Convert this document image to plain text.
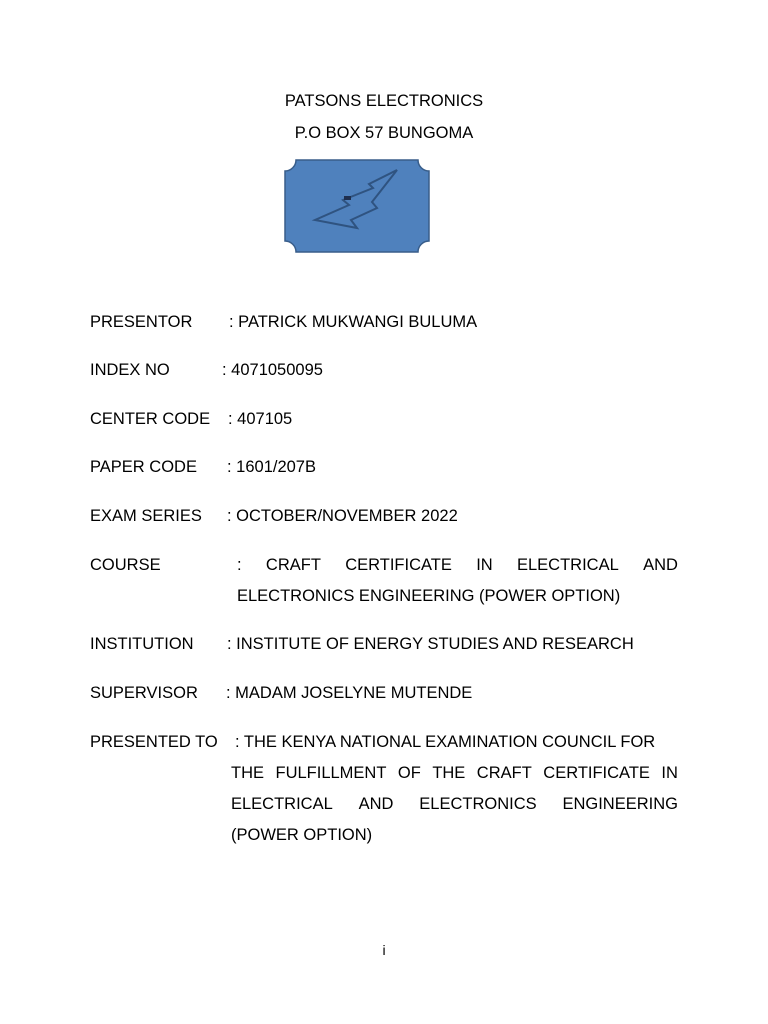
PATSONS ELECTRONICS
P.O BOX 57 BUNGOMA
PRESENTOR : PATRICK MUKWANGI BULUMA
INDEX NO	: 4071050095
CENTER CODE : 407105
PAPER CODE : 1601/207B
EXAM SERIES : OCTOBER/NOVEMBER 2022
COURSE	: CRAFT CERTIFICATE IN ELECTRICAL AND
ELECTRONICS ENGINEERING (POWER OPTION)
INSTITUTION : INSTITUTE OF ENERGY STUDIES AND RESEARCH
SUPERVISOR : MADAM JOSELYNE MUTENDE
PRESENTED TO : THE KENYA NATIONAL EXAMINATION COUNCIL FOR
THE FULFILLMENT OF THE CRAFT CERTIFICATE IN
ELECTRICAL AND ELECTRONICS ENGINEERING
(POWER OPTION)
i
